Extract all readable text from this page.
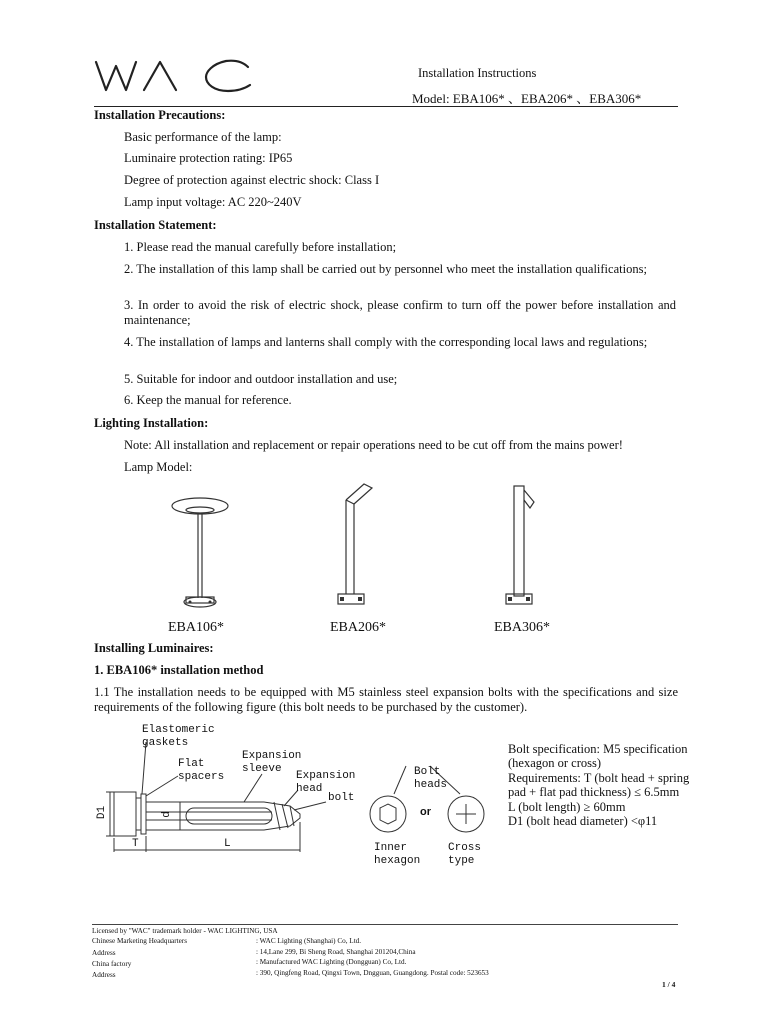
Installation Instructions
Model: EBA106* 、EBA206* 、EBA306*
Installation Precautions:
Basic performance of the lamp:
Luminaire protection rating: IP65
Degree of protection against electric shock: Class I
Lamp input voltage: AC 220~240V
Installation Statement:
1. Please read the manual carefully before installation;
2. The installation of this lamp shall be carried out by personnel who meet the installation qualifications;
3. In order to avoid the risk of electric shock, please confirm to turn off the power before installation and maintenance;
4. The installation of lamps and lanterns shall comply with the corresponding local laws and regulations;
5. Suitable for indoor and outdoor installation and use;
6. Keep the manual for reference.
Lighting Installation:
Note: All installation and replacement or repair operations need to be cut off from the mains power!
Lamp Model:
EBA106*	EBA206*	EBA306*
Installing Luminaires:
1. EBA106* installation method
1.1 The installation needs to be equipped with M5 stainless steel expansion bolts with the specifications and size requirements of the following figure (this bolt needs to be purchased by the customer).
Elastomeric
gaskets
Flat
spacers
Expansion
sleeve
Expansion
head
bolt
Bolt
heads
or
Inner
hexagon
Cross
type
D1	d
T	L
Bolt specification: M5 specification
(hexagon or cross)
Requirements: T (bolt head + spring
pad + flat pad thickness) ≤ 6.5mm
L (bolt length) ≥ 60mm
D1 (bolt head diameter) <φ11
Licensed by "WAC" trademark holder - WAC LIGHTING, USA
Chinese Marketing Headquarters	: WAC Lighting (Shanghai) Co, Ltd.
Address	: 14,Lane 299, Bi Sheng Road, Shanghai 201204,China
China factory	: Manufactured WAC Lighting (Dongguan) Co, Ltd.
Address	: 390, Qingfeng Road, Qingxi Town, Dngguan, Guangdong. Postal code: 523653
1 / 4
